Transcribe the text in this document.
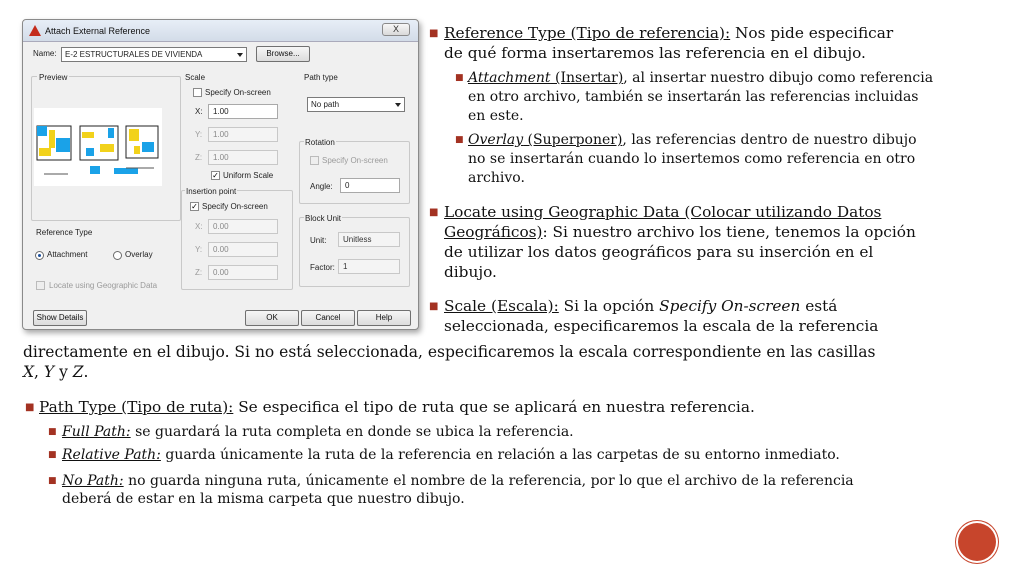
Attach External Reference	X
Name:	E-2 ESTRUCTURALES DE VIVIENDA	Browse...
Preview
Reference Type
Attachment	Overlay
Locate using Geographic Data
Scale
Specify On-screen
X:	1.00
Y:	1.00
Z:	1.00
✓ Uniform Scale
Insertion point
✓ Specify On-screen
X:	0.00
Y:	0.00
Z:	0.00
Path type
No path
Rotation
Specify On-screen
Angle:	0
Block Unit
Unit:	Unitless
Factor:	1
Show Details	OK	Cancel	Help
■ Reference Type (Tipo de referencia): Nos pide especificar
de qué forma insertaremos las referencia en el dibujo.
■ Attachment (Insertar), al insertar nuestro dibujo como referencia
en otro archivo, también se insertarán las referencias incluidas
en este.
■ Overlay (Superponer), las referencias dentro de nuestro dibujo
no se insertarán cuando lo insertemos como referencia en otro
archivo.
■ Locate using Geographic Data (Colocar utilizando Datos
Geográficos): Si nuestro archivo los tiene, tenemos la opción
de utilizar los datos geográficos para su inserción en el
dibujo.
■ Scale (Escala): Si la opción Specify On-screen está
seleccionada, especificaremos la escala de la referencia
directamente en el dibujo. Si no está seleccionada, especificaremos la escala correspondiente en las casillas
X, Y y Z.
■ Path Type (Tipo de ruta): Se especifica el tipo de ruta que se aplicará en nuestra referencia.
■ Full Path: se guardará la ruta completa en donde se ubica la referencia.
■ Relative Path: guarda únicamente la ruta de la referencia en relación a las carpetas de su entorno inmediato.
■ No Path: no guarda ninguna ruta, únicamente el nombre de la referencia, por lo que el archivo de la referencia
deberá de estar en la misma carpeta que nuestro dibujo.
